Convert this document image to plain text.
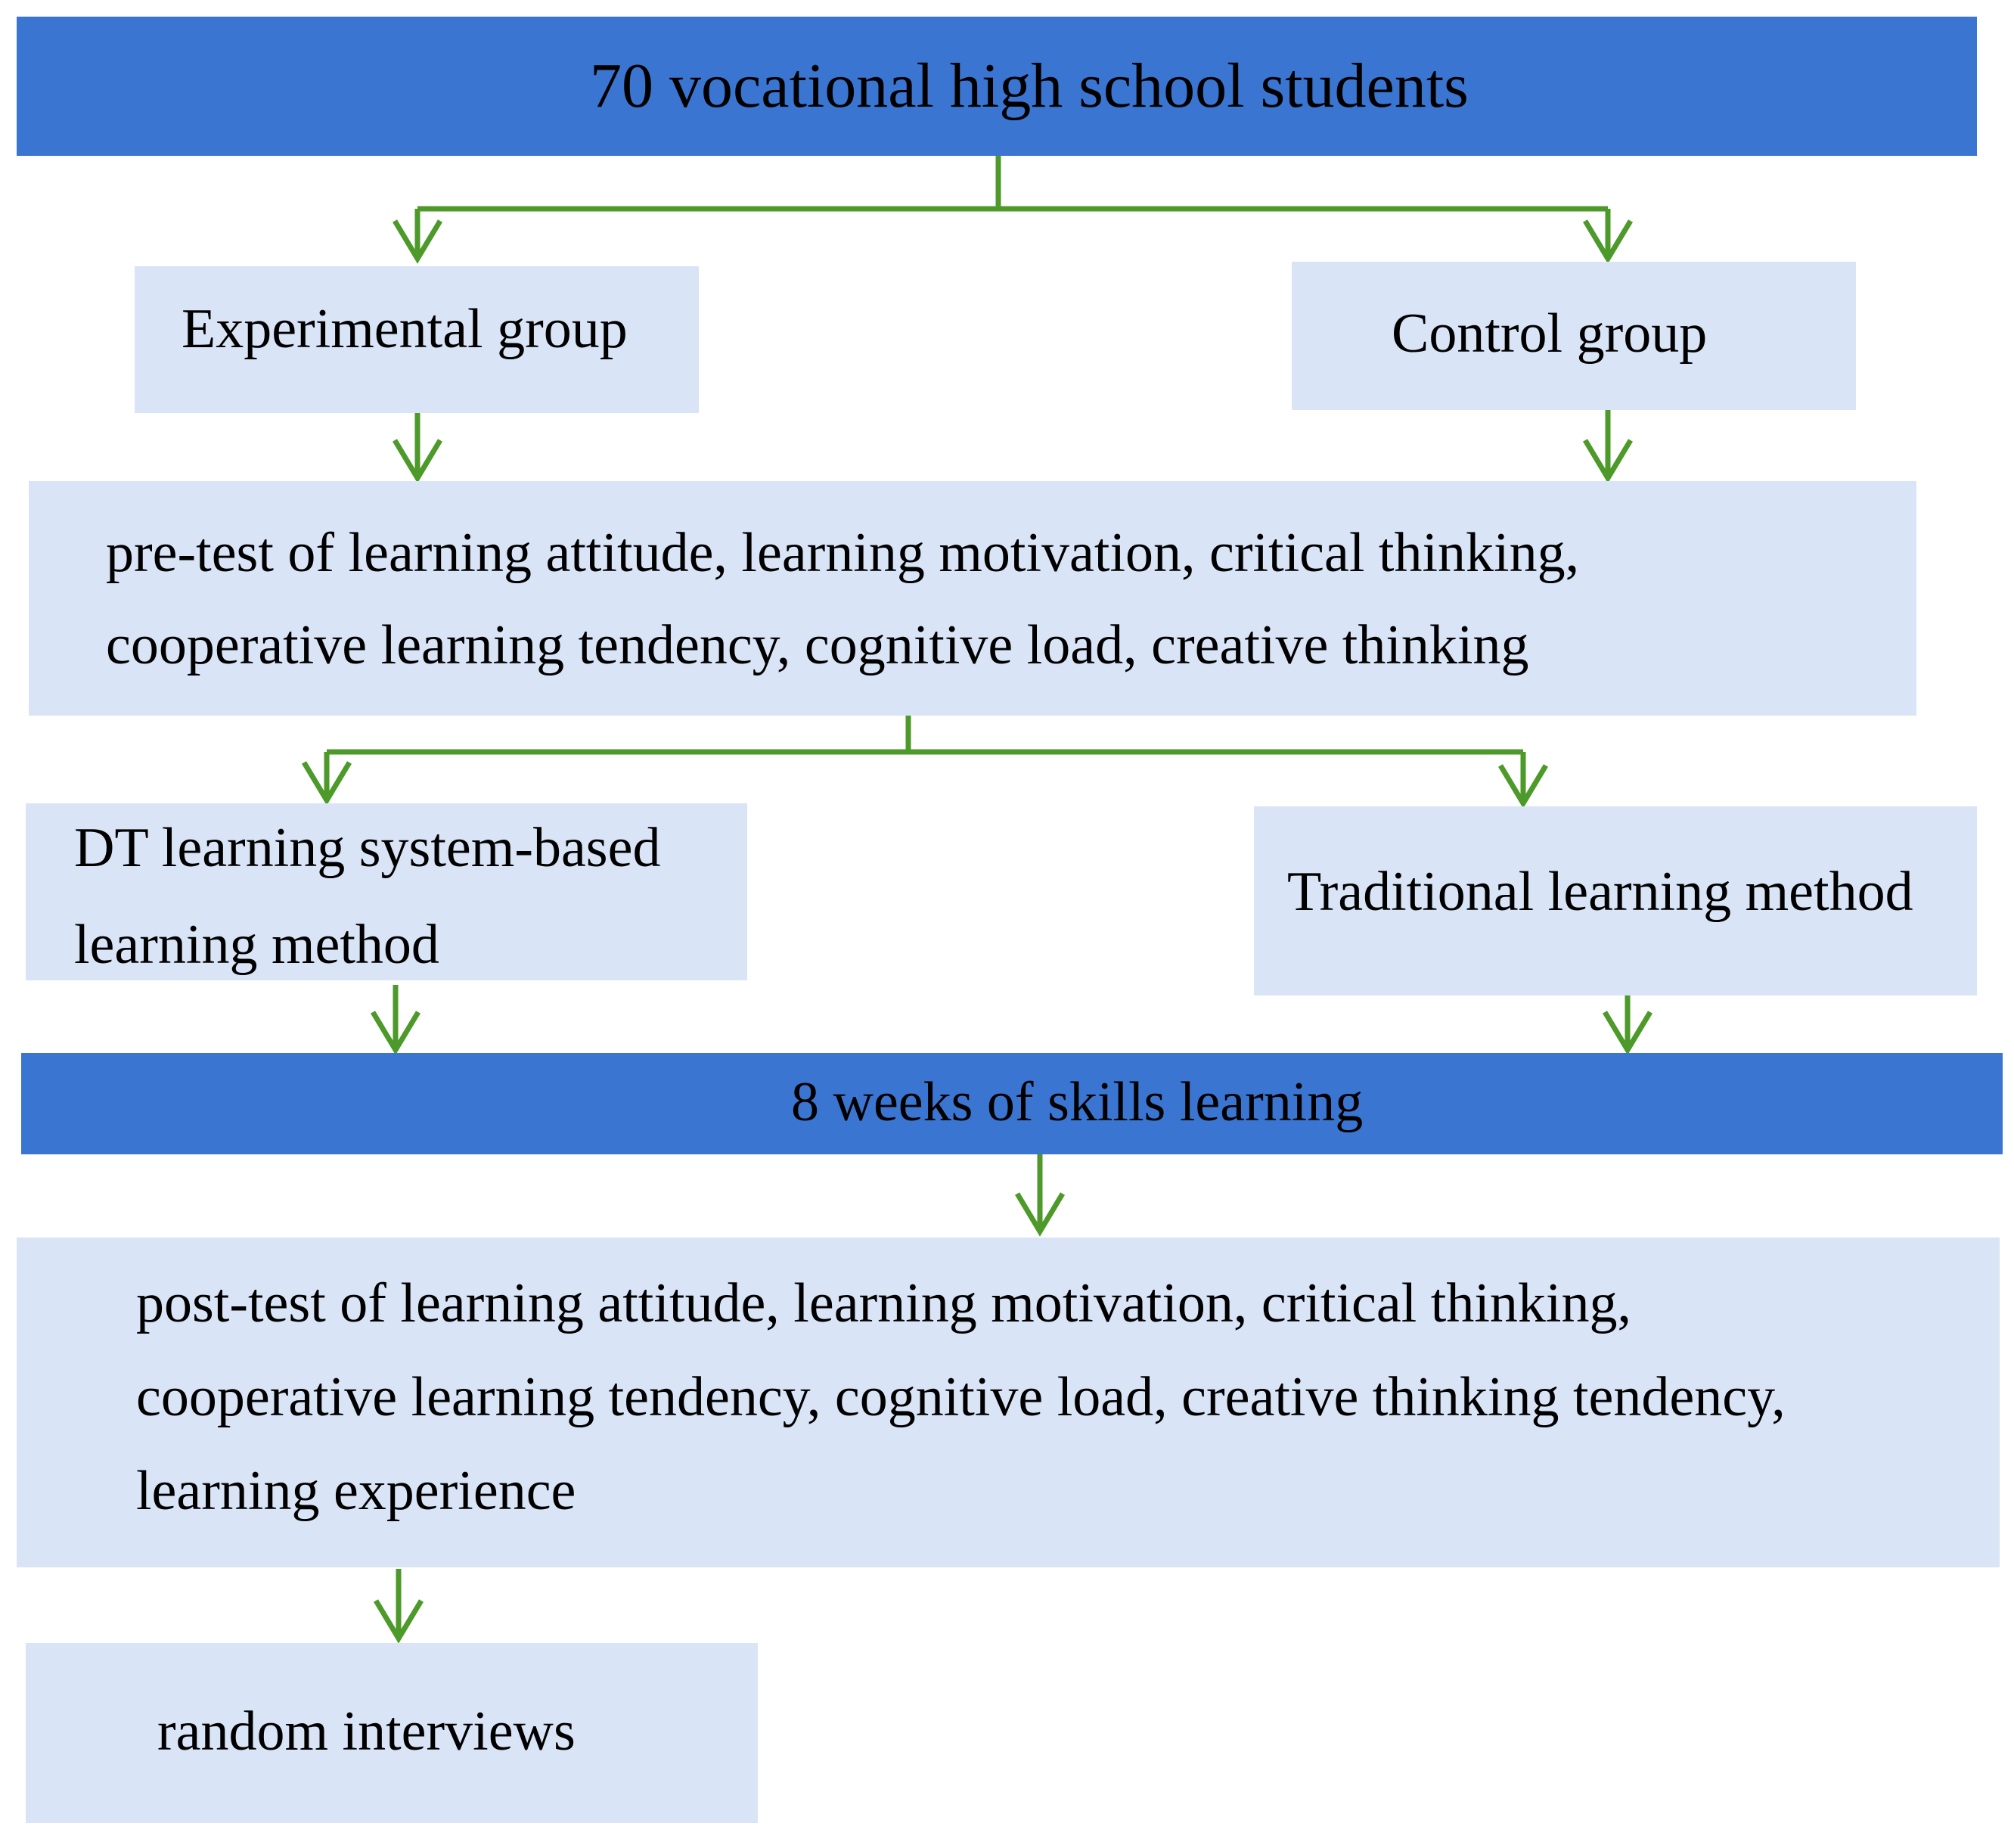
70 vocational high school students
Experimental group	Control group
pre-test of learning attitude, learning motivation, critical thinking,
cooperative learning tendency, cognitive load, creative thinking
DT learning system-based
learning method
Traditional learning method
8 weeks of skills learning
post-test of learning attitude, learning motivation, critical thinking,
cooperative learning tendency, cognitive load, creative thinking tendency,
learning experience
random interviews
